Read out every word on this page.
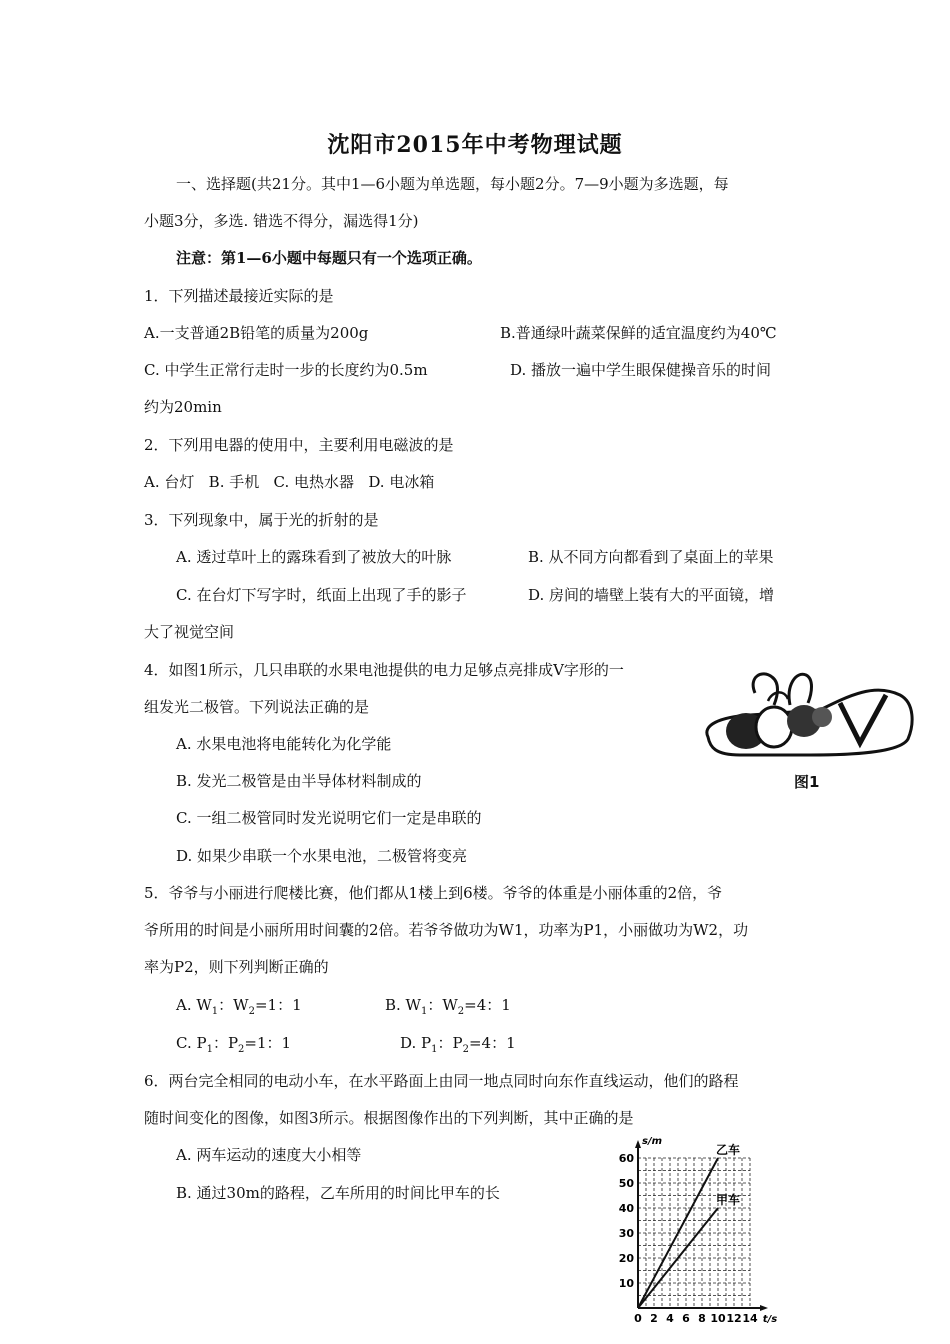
沈阳市2015年中考物理试题
一、选择题(共21分。其中1—6小题为单选题，每小题2分。7—9小题为多选题，每
小题3分，多选. 错选不得分，漏选得1分)
注意：第1—6小题中每题只有一个选项正确。
1．下列描述最接近实际的是
A.一支普通2B铅笔的质量为200g	B.普通绿叶蔬菜保鲜的适宜温度约为40℃
C. 中学生正常行走时一步的长度约为0.5m	D. 播放一遍中学生眼保健操音乐的时间
约为20min
2．下列用电器的使用中，主要利用电磁波的是
A. 台灯   B. 手机   C. 电热水器   D. 电冰箱
3．下列现象中，属于光的折射的是
A. 透过草叶上的露珠看到了被放大的叶脉	B. 从不同方向都看到了桌面上的苹果
C. 在台灯下写字时，纸面上出现了手的影子	D. 房间的墙壁上装有大的平面镜，增
大了视觉空间
4．如图1所示，几只串联的水果电池提供的电力足够点亮排成V字形的一
组发光二极管。下列说法正确的是
A. 水果电池将电能转化为化学能
B. 发光二极管是由半导体材料制成的
C. 一组二极管同时发光说明它们一定是串联的
D. 如果少串联一个水果电池，二极管将变亮
图1
5．爷爷与小丽进行爬楼比赛，他们都从1楼上到6楼。爷爷的体重是小丽体重的2倍，爷
爷所用的时间是小丽所用时间囊的2倍。若爷爷做功为W1，功率为P1，小丽做功为W2，功
率为P2，则下列判断正确的
A. $W_1$：$W_2=1$：1	B. $W_1$：$W_2=4$：1
C. $P_1$：$P_2=1$：1	D. $P_1$：$P_2=4$：1
6．两台完全相同的电动小车，在水平路面上由同一地点同时向东作直线运动，他们的路程
随时间变化的图像，如图3所示。根据图像作出的下列判断，其中正确的是
A. 两车运动的速度大小相等
B. 通过30m的路程，乙车所用的时间比甲车的长
0 2 4 6 8 10 12 14
10
20
30
40
50
60
t/s
s/m
乙车
甲车
